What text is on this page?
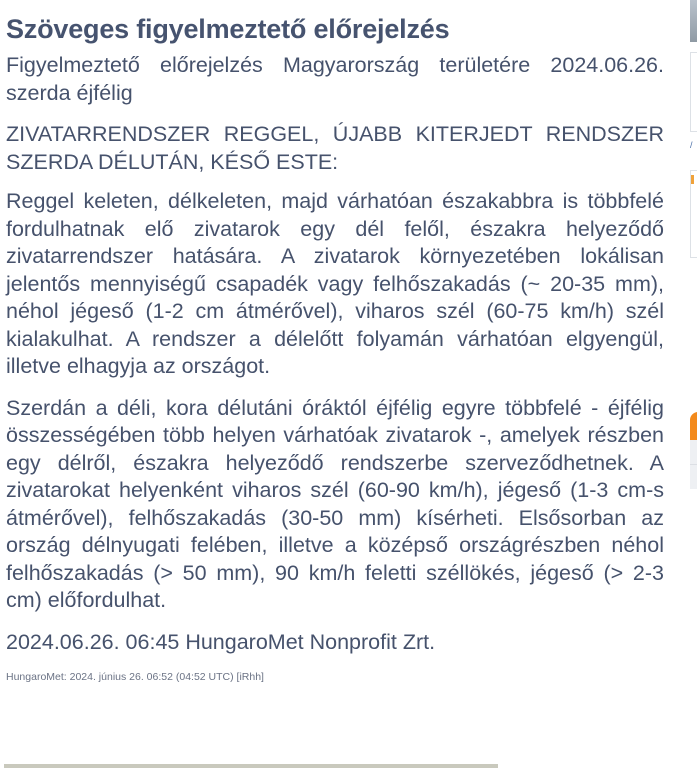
Szöveges figyelmeztető előrejelzés

Figyelmeztető előrejelzés Magyarország területére 2024.06.26. szerda éjfélig

ZIVATARRENDSZER REGGEL, ÚJABB KITERJEDT RENDSZER SZERDA DÉLUTÁN, KÉSŐ ESTE:

Reggel keleten, délkeleten, majd várhatóan északabbra is többfelé fordulhatnak elő zivatarok egy dél felől, északra helyeződő zivatarrendszer hatására. A zivatarok környezetében lokálisan jelentős mennyiségű csapadék vagy felhőszakadás (~ 20-35 mm), néhol jégeső (1-2 cm átmérővel), viharos szél (60-75 km/h) szél kialakulhat. A rendszer a délelőtt folyamán várhatóan elgyengül, illetve elhagyja az országot.

Szerdán a déli, kora délutáni óráktól éjfélig egyre többfelé - éjfélig összességében több helyen várhatóak zivatarok -, amelyek részben egy délről, északra helyeződő rendszerbe szerveződhetnek. A zivatarokat helyenként viharos szél (60-90 km/h), jégeső (1-3 cm-s átmérővel), felhőszakadás (30-50 mm) kísérheti. Elsősorban az ország délnyugati felében, illetve a középső országrészben néhol felhőszakadás (> 50 mm), 90 km/h feletti széllökés, jégeső (> 2-3 cm) előfordulhat.

2024.06.26. 06:45 HungaroMet Nonprofit Zrt.

HungaroMet: 2024. június 26. 06:52 (04:52 UTC) [iRhh]
/
